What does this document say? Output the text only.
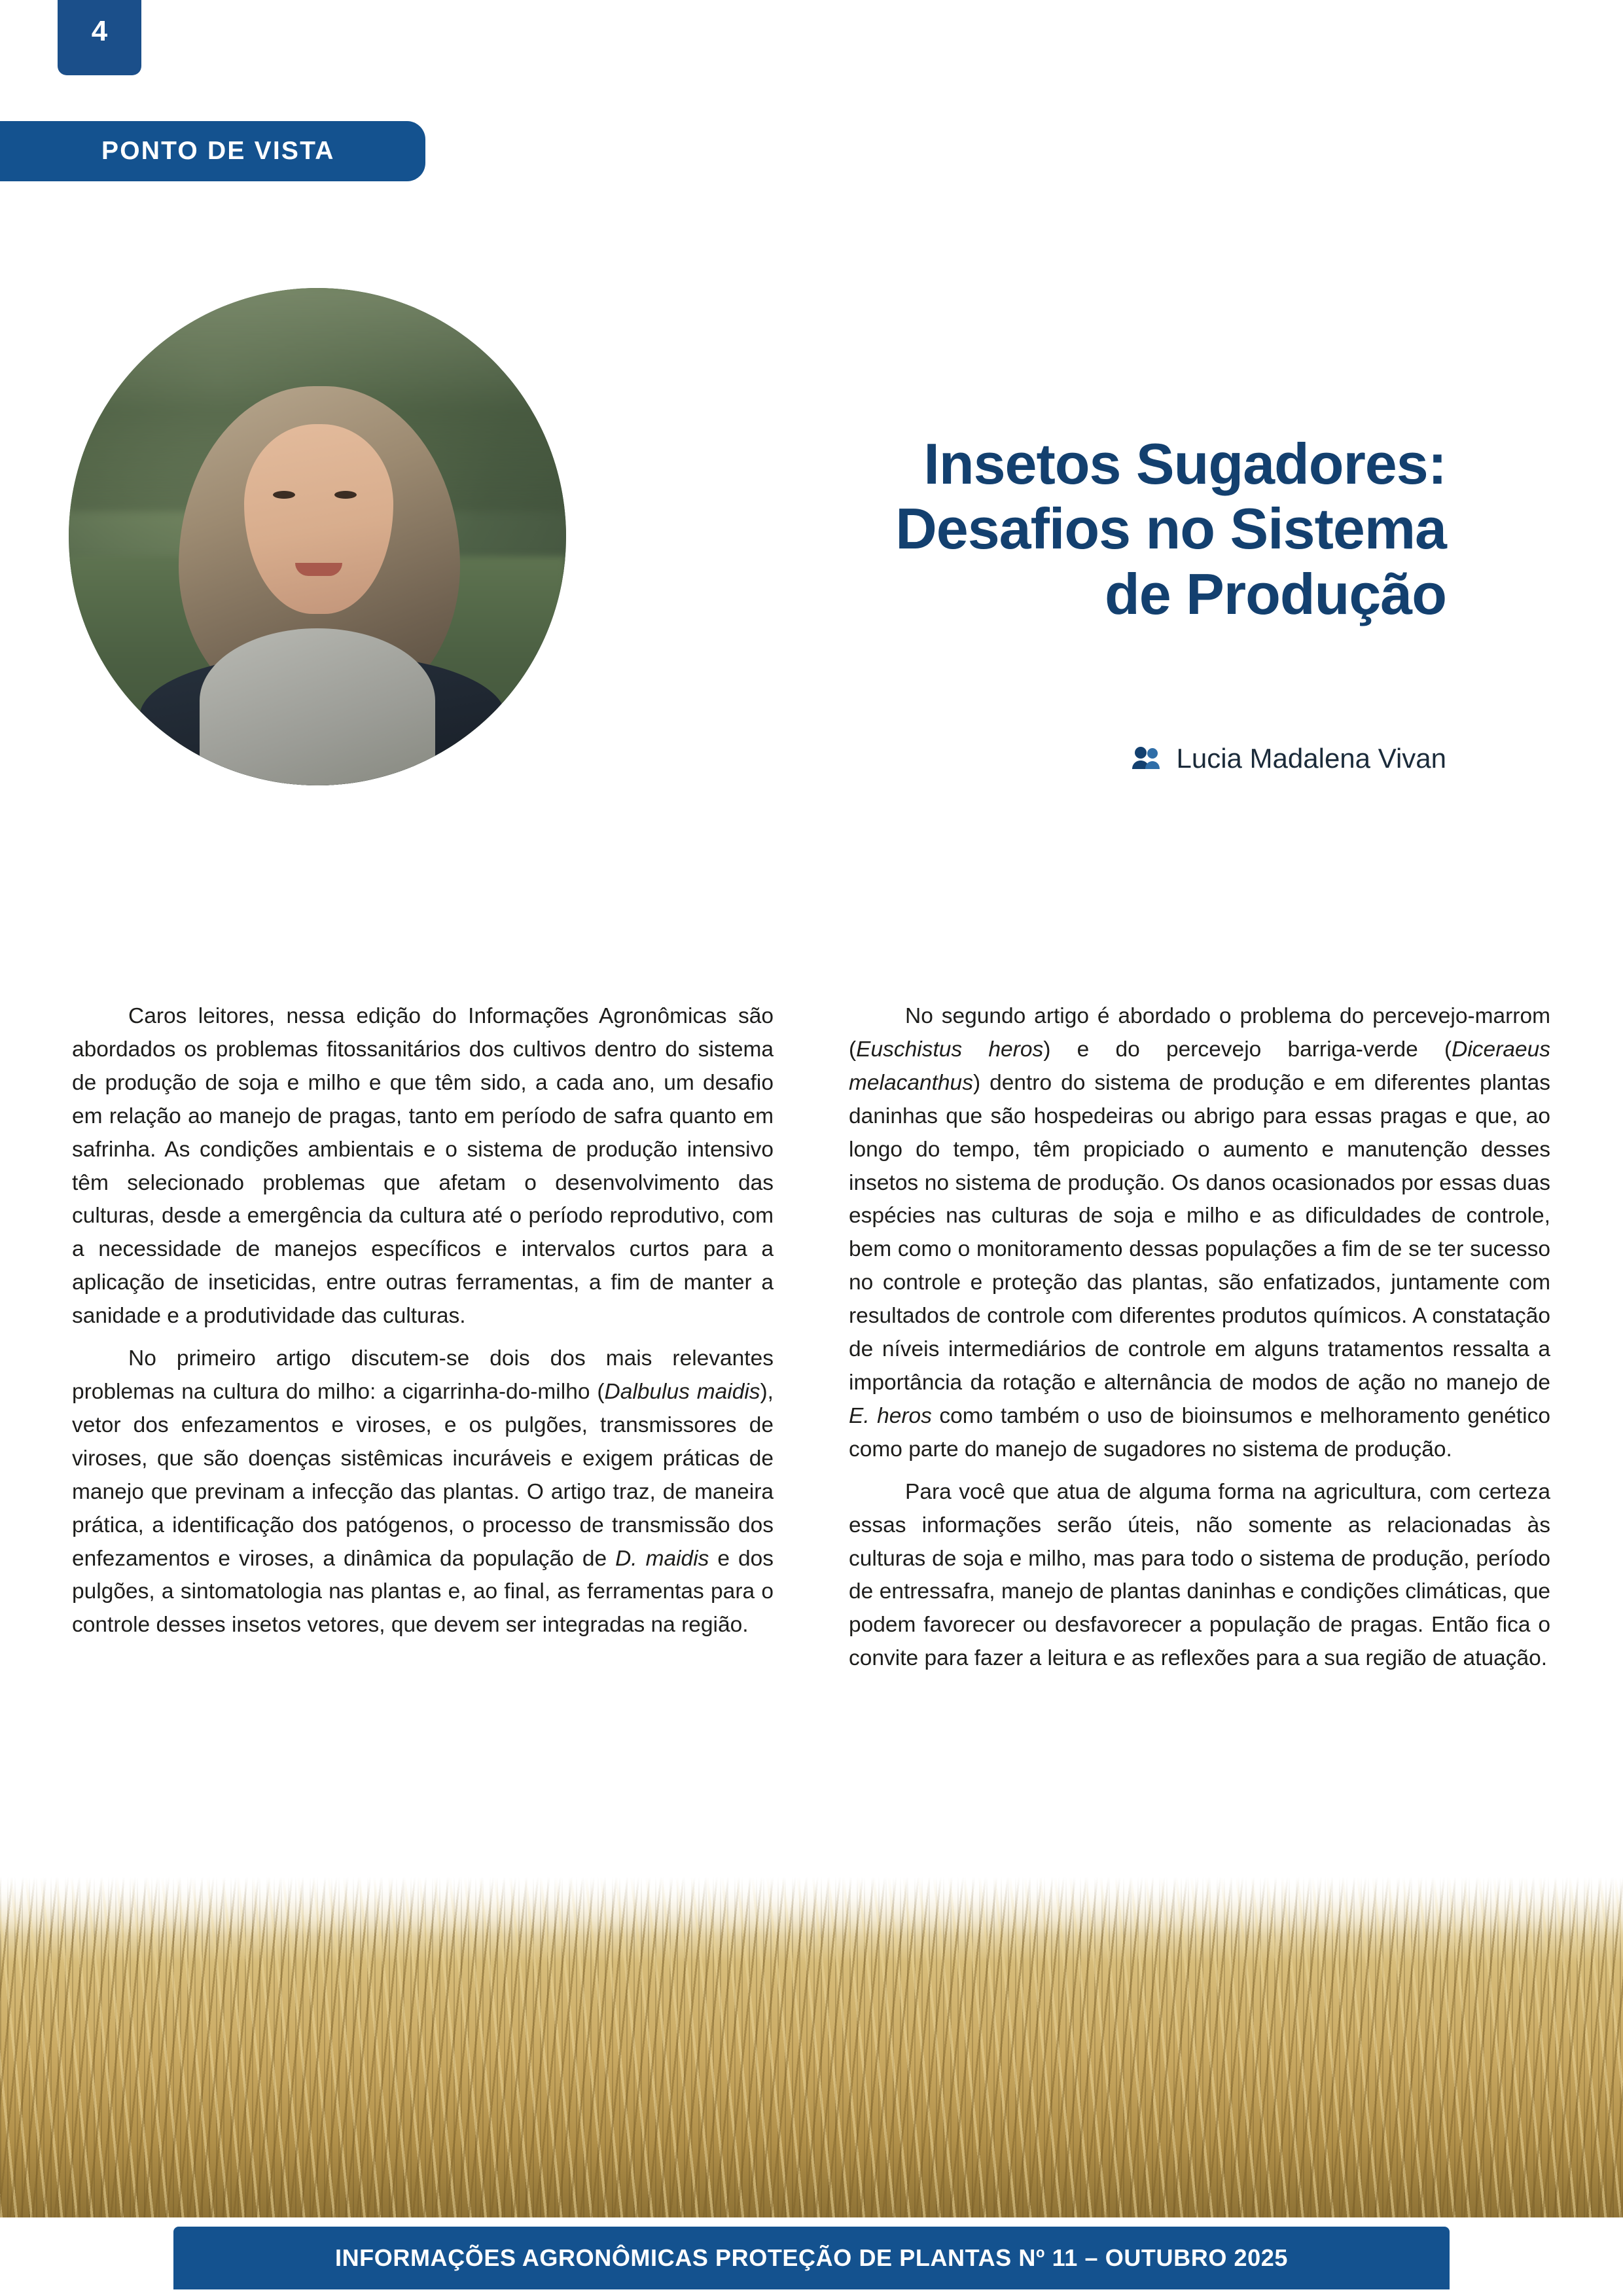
4
PONTO DE VISTA
Insetos Sugadores:
Desafios no Sistema
de Produção
Lucia Madalena Vivan

Caros leitores, nessa edição do Informações Agronômicas são abordados os problemas fitossanitários dos cultivos dentro do sistema de produção de soja e milho e que têm sido, a cada ano, um desafio em relação ao manejo de pragas, tanto em período de safra quanto em safrinha. As condições ambientais e o sistema de produção intensivo têm selecionado problemas que afetam o desenvolvimento das culturas, desde a emergência da cultura até o período reprodutivo, com a necessidade de manejos específicos e intervalos curtos para a aplicação de inseticidas, entre outras ferramentas, a fim de manter a sanidade e a produtividade das culturas.

No primeiro artigo discutem-se dois dos mais relevantes problemas na cultura do milho: a cigarrinha-do-milho (Dalbulus maidis), vetor dos enfezamentos e viroses, e os pulgões, transmissores de viroses, que são doenças sistêmicas incuráveis e exigem práticas de manejo que previnam a infecção das plantas. O artigo traz, de maneira prática, a identificação dos patógenos, o processo de transmissão dos enfezamentos e viroses, a dinâmica da população de D. maidis e dos pulgões, a sintomatologia nas plantas e, ao final, as ferramentas para o controle desses insetos vetores, que devem ser integradas na região.

No segundo artigo é abordado o problema do percevejo-marrom (Euschistus heros) e do percevejo barriga-verde (Diceraeus melacanthus) dentro do sistema de produção e em diferentes plantas daninhas que são hospedeiras ou abrigo para essas pragas e que, ao longo do tempo, têm propiciado o aumento e manutenção desses insetos no sistema de produção. Os danos ocasionados por essas duas espécies nas culturas de soja e milho e as dificuldades de controle, bem como o monitoramento dessas populações a fim de se ter sucesso no controle e proteção das plantas, são enfatizados, juntamente com resultados de controle com diferentes produtos químicos. A constatação de níveis intermediários de controle em alguns tratamentos ressalta a importância da rotação e alternância de modos de ação no manejo de E. heros como também o uso de bioinsumos e melhoramento genético como parte do manejo de sugadores no sistema de produção.

Para você que atua de alguma forma na agricultura, com certeza essas informações serão úteis, não somente as relacionadas às culturas de soja e milho, mas para todo o sistema de produção, período de entressafra, manejo de plantas daninhas e condições climáticas, que podem favorecer ou desfavorecer a população de pragas. Então fica o convite para fazer a leitura e as reflexões para a sua região de atuação.

INFORMAÇÕES AGRONÔMICAS PROTEÇÃO DE PLANTAS $N^o$ 11 – OUTUBRO 2025
